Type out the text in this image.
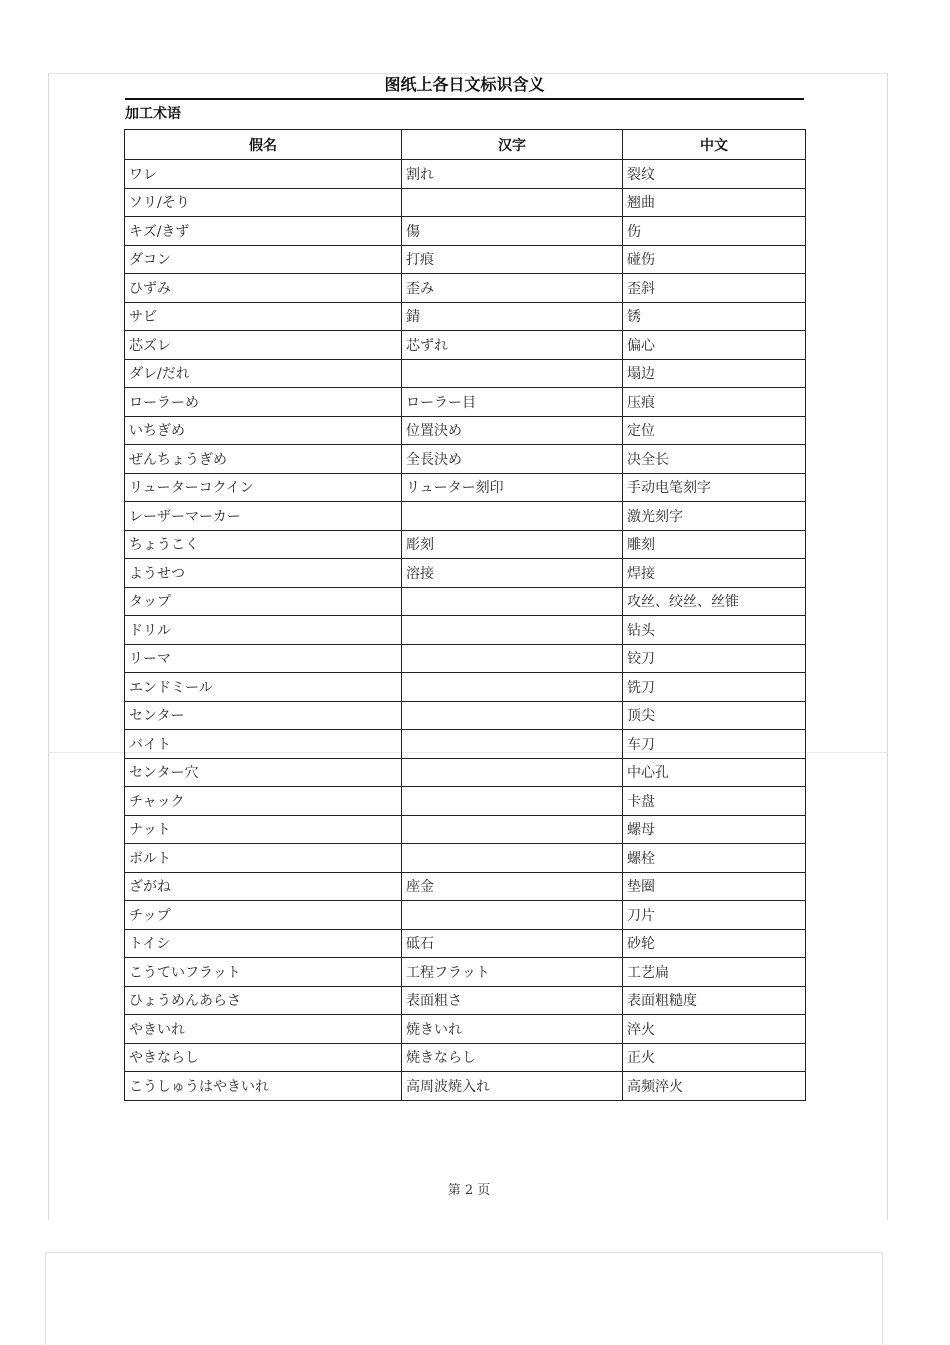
图纸上各日文标识含义
加工术语
假名	汉字	中文
ワレ	割れ	裂纹
ソリ/そり		翘曲
キズ/きず	傷	伤
ダコン	打痕	碰伤
ひずみ	歪み	歪斜
サビ	錆	锈
芯ズレ	芯ずれ	偏心
ダレ/だれ		塌边
ローラーめ	ローラー目	压痕
いちぎめ	位置決め	定位
ぜんちょうぎめ	全長決め	决全长
リューターコクイン	リューター刻印	手动电笔刻字
レーザーマーカー		激光刻字
ちょうこく	彫刻	雕刻
ようせつ	溶接	焊接
タップ		攻丝、绞丝、丝锥
ドリル		钻头
リーマ		铰刀
エンドミール		铣刀
センター		顶尖
バイト		车刀
センター穴		中心孔
チャック		卡盘
ナット		螺母
ボルト		螺栓
ざがね	座金	垫圈
チップ		刀片
トイシ	砥石	砂轮
こうていフラット	工程フラット	工艺扁
ひょうめんあらさ	表面粗さ	表面粗糙度
やきいれ	焼きいれ	淬火
やきならし	焼きならし	正火
こうしゅうはやきいれ	高周波焼入れ	高频淬火
第 2 页
